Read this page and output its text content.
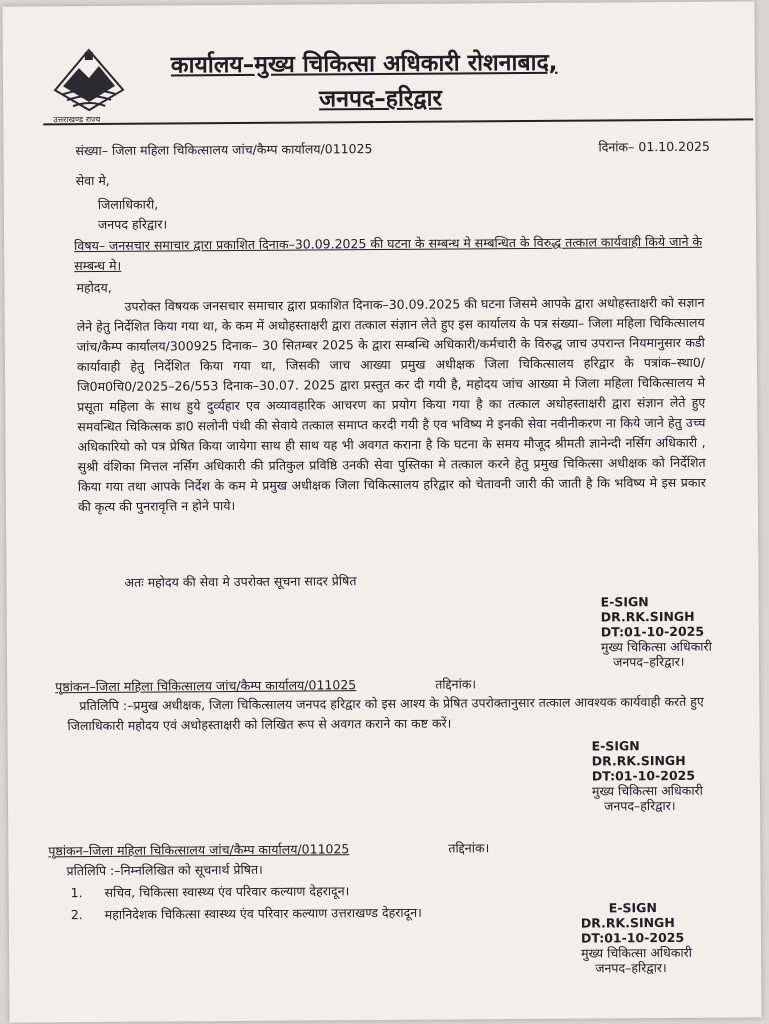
उत्तराखण्ड राज्य
कार्यालय–मुख्य चिकित्सा अधिकारी रोशनाबाद,
जनपद–हरिद्वार
संख्या– जिला महिला चिकित्सालय जांच/कैम्प कार्यालय/011025	दिनांक– 01.10.2025
सेवा मे,
जिलाधिकारी,
जनपद हरिद्वार।
विषय– जनसचार समाचार द्वारा प्रकाशित दिनाक–30.09.2025 की घटना के सम्बन्ध मे सम्बन्धित के विरुद्ध तत्काल कार्यवाही किये जाने के सम्बन्ध मे।
महोदय,
उपरोक्त विषयक जनसचार समाचार द्वारा प्रकाशित दिनाक–30.09.2025 की घटना जिसमे आपके द्वारा अधोहस्ताक्षरी को सज्ञान लेने हेतु निर्देशित किया गया था, के कम में अधोहस्ताक्षरी द्वारा तत्काल संज्ञान लेते हुए इस कार्यालय के पत्र संख्या– जिला महिला चिकित्सालय जांच/कैम्प कार्यालय/300925 दिनाक– 30 सितम्बर 2025 के द्वारा सम्बन्धि अधिकारी/कर्मचारी के विरुद्ध जाच उपरान्त नियमानुसार कडी कार्यावाही हेतु निर्देशित किया गया था, जिसकी जाच आख्या प्रमुख अधीक्षक जिला चिकित्सालय हरिद्वार के पत्रांक–स्था0/जि0म0चि0/2025–26/553 दिनाक–30.07. 2025 द्वारा प्रस्तुत कर दी गयी है, महोदय जांच आख्या मे जिला महिला चिकित्सालय मे प्रसूता महिला के साथ हुये दुर्व्यहार एव अव्यावहारिक आचरण का प्रयोग किया गया है का तत्काल अधोहस्ताक्षरी द्वारा संज्ञान लेते हुए समवन्धित चिकित्सक डा0 सलोनी पंथी की सेवाये तत्काल समाप्त करदी गयी है एव भविष्य मे इनकी सेवा नवीनीकरण ना किये जाने हेतु उच्च अधिकारियो को पत्र प्रेषित किया जायेगा साथ ही साथ यह भी अवगत कराना है कि घटना के समय मौजूद श्रीमती ज्ञानेन्दी नर्सिग अधिकारी , सुश्री वंशिका मित्तल नर्सिग अधिकारी की प्रतिकुल प्रविष्ठि उनकी सेवा पुस्तिका मे तत्काल करने हेतु प्रमुख चिकित्सा अधीक्षक को निर्देशित किया गया तथा आपके निर्देश के कम मे प्रमुख अधीक्षक जिला चिकित्सालय हरिद्वार को चेतावनी जारी की जाती है कि भविष्य मे इस प्रकार की कृत्य की पुनरावृत्ति न होने पाये।
अतः महोदय की सेवा मे उपरोक्त सूचना सादर प्रेषित
E-SIGN
DR.RK.SINGH
DT:01-10-2025
मुख्य चिकित्सा अधिकारी
जनपद–हरिद्वार।
पृष्ठांकन–जिला महिला चिकित्सालय जांच/कैम्प कार्यालय/011025	तद्दिनांक।
प्रतिलिपि :–प्रमुख अधीक्षक, जिला चिकित्सालय जनपद हरिद्वार को इस आश्य के प्रेषित उपरोक्तानुसार तत्काल आवश्यक कार्यवाही करते हुए जिलाधिकारी महोदय एवं अधोहस्ताक्षरी को लिखित रूप से अवगत कराने का कष्ट करें।
E-SIGN
DR.RK.SINGH
DT:01-10-2025
मुख्य चिकित्सा अधिकारी
जनपद–हरिद्वार।
पृष्ठांकन–जिला महिला चिकित्सालय जांच/कैम्प कार्यालय/011025	तद्दिनांक।
प्रतिलिपि :–निम्नलिखित को सूचनार्थ प्रेषित।
1. सचिव, चिकित्सा स्वास्थ्य एंव परिवार कल्याण देहरादून।
2. महानिदेशक चिकित्सा स्वास्थ्य एंव परिवार कल्याण उत्तराखण्ड देहरादून।	E-SIGN
DR.RK.SINGH
DT:01-10-2025
मुख्य चिकित्सा अधिकारी
जनपद–हरिद्वार।
